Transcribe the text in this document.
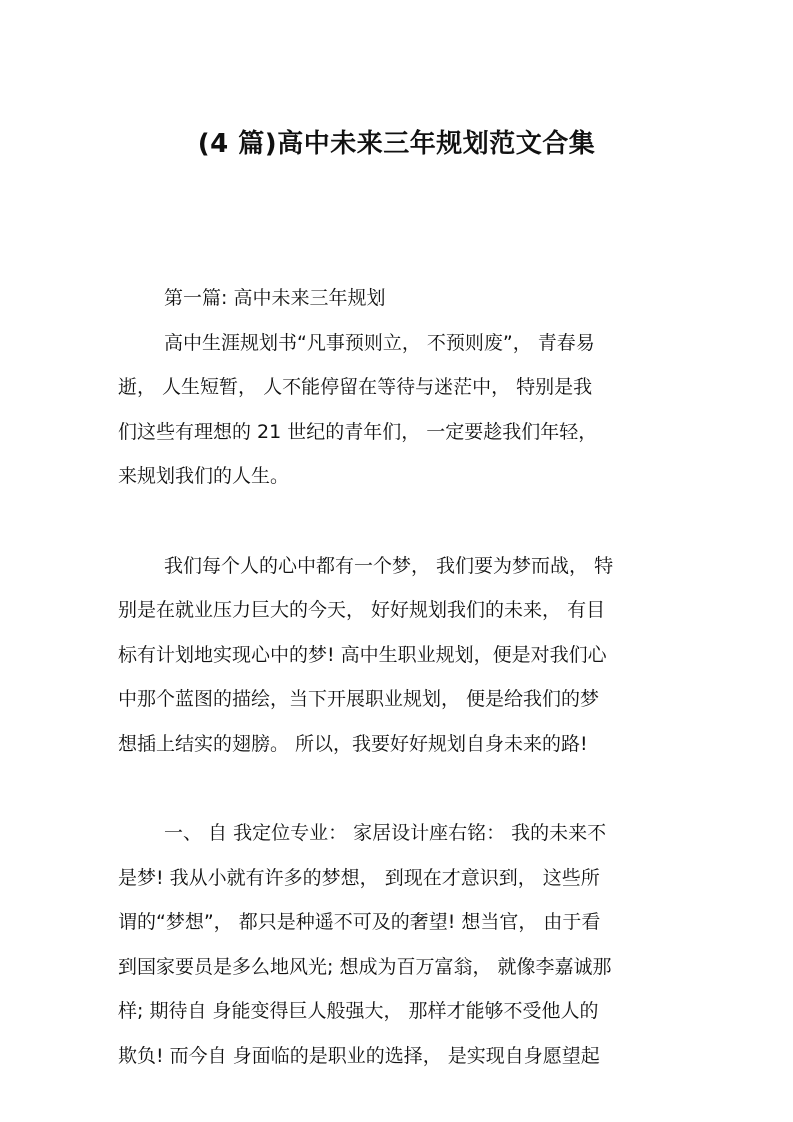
(4 篇)高中未来三年规划范文合集
第一篇: 高中未来三年规划
高中生涯规划书“凡事预则立， 不预则废”， 青春易
逝， 人生短暂， 人不能停留在等待与迷茫中， 特别是我
们这些有理想的 21 世纪的青年们， 一定要趁我们年轻，
来规划我们的人生。
我们每个人的心中都有一个梦， 我们要为梦而战， 特
别是在就业压力巨大的今天， 好好规划我们的未来， 有目
标有计划地实现心中的梦! 高中生职业规划，便是对我们心
中那个蓝图的描绘，当下开展职业规划， 便是给我们的梦
想插上结实的翅膀。 所以，我要好好规划自身未来的路!
一、 自 我定位专业： 家居设计座右铭： 我的未来不
是梦! 我从小就有许多的梦想， 到现在才意识到， 这些所
谓的“梦想”， 都只是种遥不可及的奢望! 想当官， 由于看
到国家要员是多么地风光; 想成为百万富翁， 就像李嘉诚那
样; 期待自 身能变得巨人般强大， 那样才能够不受他人的
欺负! 而今自 身面临的是职业的选择， 是实现自身愿望起
